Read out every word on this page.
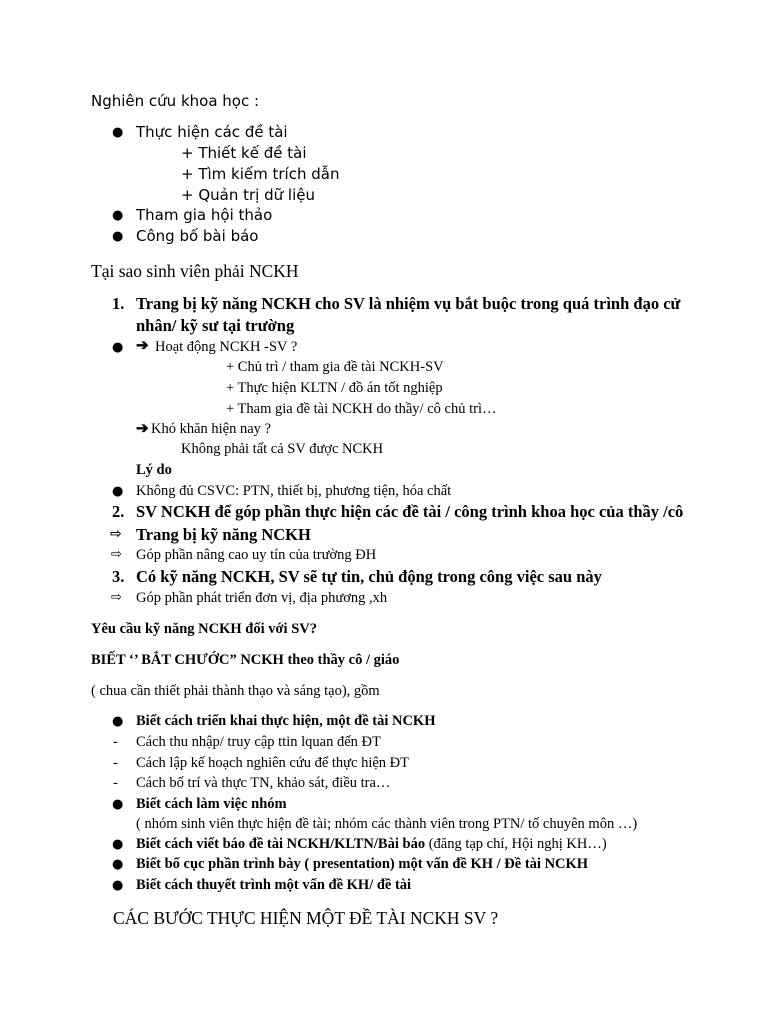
Nghiên cứu khoa học :
● Thực hiện các đề tài
+ Thiết kế đề tài
+ Tìm kiếm trích dẫn
+ Quản trị dữ liệu
● Tham gia hội thảo
● Công bố bài báo
Tại sao sinh viên phải NCKH
1. Trang bị kỹ năng NCKH cho SV là nhiệm vụ bắt buộc trong quá trình đạo cử
nhân/ kỹ sư tại trường
● ➔ Hoạt động NCKH -SV ?
+ Chủ trì / tham gia đề tài NCKH-SV
+ Thực hiện KLTN / đồ án tốt nghiệp
+ Tham gia đề tài NCKH do thầy/ cô chủ trì…
➔ Khó khăn hiện nay ?
Không phải tất cả SV được NCKH
Lý do
● Không đủ CSVC: PTN, thiết bị, phương tiện, hóa chất
2. SV NCKH để góp phần thực hiện các đề tài / công trình khoa học của thầy /cô
⇨ Trang bị kỹ năng NCKH
⇨ Góp phần nâng cao uy tín của trường ĐH
3. Có kỹ năng NCKH, SV sẽ tự tin, chủ động trong công việc sau này
⇨ Góp phần phát triển đơn vị, địa phương ,xh
Yêu cầu kỹ năng NCKH đối với SV?
BIẾT ‘’ BẮT CHƯỚC” NCKH theo thầy cô / giáo
( chua cần thiết phải thành thạo và sáng tạo), gồm
● Biết cách triển khai thực hiện, một đề tài NCKH
- Cách thu nhập/ truy cập ttin lquan đến ĐT
- Cách lập kế hoạch nghiên cứu để thực hiện ĐT
- Cách bố trí và thực TN, khảo sát, điều tra…
● Biết cách làm việc nhóm
( nhóm sinh viên thực hiện đề tài; nhóm các thành viên trong PTN/ tố chuyên môn …)
● Biết cách viết báo đề tài NCKH/KLTN/Bài báo (đăng tạp chí, Hội nghị KH…)
● Biết bố cục phần trình bày ( presentation) một vấn đề KH / Đề tài NCKH
● Biết cách thuyết trình một vấn đề KH/ đề tài
CÁC BƯỚC THỰC HIỆN MỘT ĐỀ TÀI NCKH SV ?
